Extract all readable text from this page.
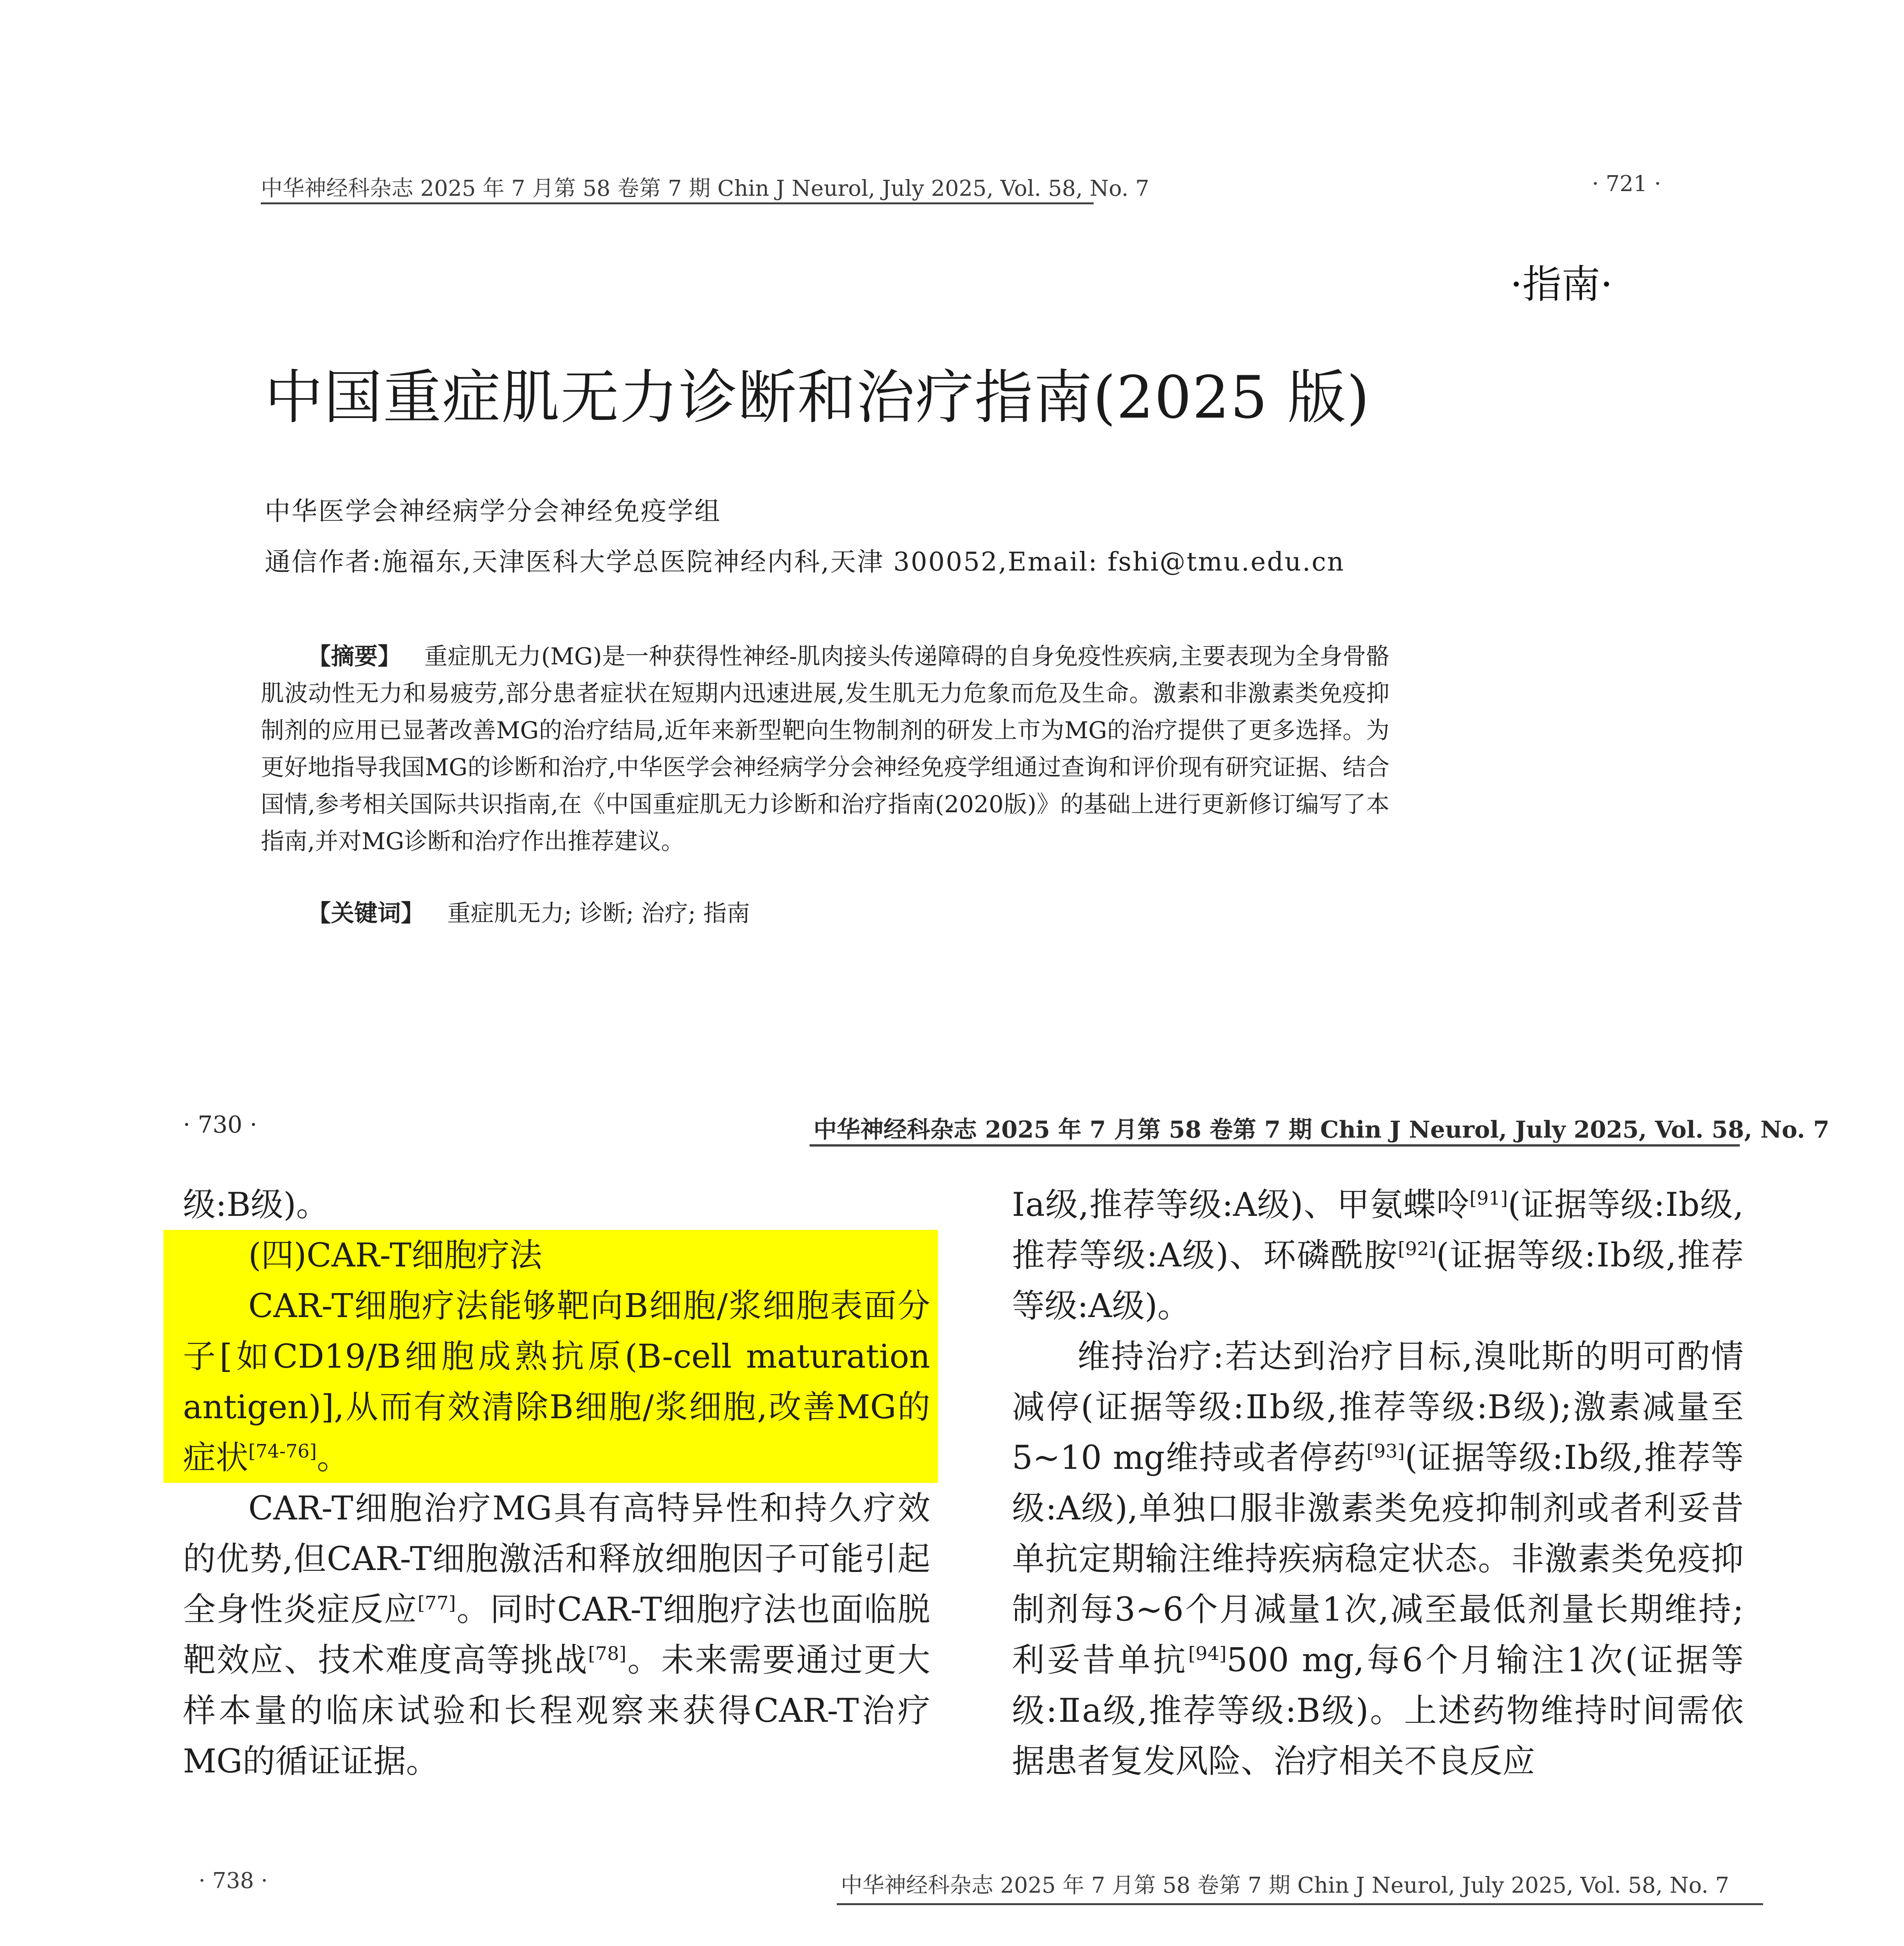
中华神经科杂志 2025 年 7 月第 58 卷第 7 期 Chin J Neurol, July 2025, Vol. 58, No. 7	· 721 ·
·指南·
中国重症肌无力诊断和治疗指南(2025 版)
中华医学会神经病学分会神经免疫学组
通信作者:施福东,天津医科大学总医院神经内科,天津 300052,Email: fshi@tmu.edu.cn
【摘要】 重症肌无力(MG)是一种获得性神经-肌肉接头传递障碍的自身免疫性疾病,主要表现为全身骨骼肌波动性无力和易疲劳,部分患者症状在短期内迅速进展,发生肌无力危象而危及生命。激素和非激素类免疫抑制剂的应用已显著改善MG的治疗结局,近年来新型靶向生物制剂的研发上市为MG的治疗提供了更多选择。为更好地指导我国MG的诊断和治疗,中华医学会神经病学分会神经免疫学组通过查询和评价现有研究证据、结合国情,参考相关国际共识指南,在《中国重症肌无力诊断和治疗指南(2020版)》的基础上进行更新修订编写了本指南,并对MG诊断和治疗作出推荐建议。
【关键词】 重症肌无力; 诊断; 治疗; 指南
· 730 ·	中华神经科杂志 2025 年 7 月第 58 卷第 7 期 Chin J Neurol, July 2025, Vol. 58, No. 7

级:B级)。

(四)CAR-T细胞疗法

CAR-T细胞疗法能够靶向B细胞/浆细胞表面分子[如CD19/B细胞成熟抗原(B-cell maturation antigen)],从而有效清除B细胞/浆细胞,改善MG的症状[74-76]。

CAR-T细胞治疗MG具有高特异性和持久疗效的优势,但CAR-T细胞激活和释放细胞因子可能引起全身性炎症反应[77]。同时CAR-T细胞疗法也面临脱靶效应、技术难度高等挑战[78]。未来需要通过更大样本量的临床试验和长程观察来获得CAR-T治疗MG的循证证据。

Ⅰa级,推荐等级:A级)、甲氨蝶呤[91](证据等级:Ⅰb级,推荐等级:A级)、环磷酰胺[92](证据等级:Ⅰb级,推荐等级:A级)。

维持治疗:若达到治疗目标,溴吡斯的明可酌情减停(证据等级:Ⅱb级,推荐等级:B级);激素减量至5~10 mg维持或者停药[93](证据等级:Ⅰb级,推荐等级:A级),单独口服非激素类免疫抑制剂或者利妥昔单抗定期输注维持疾病稳定状态。非激素类免疫抑制剂每3~6个月减量1次,减至最低剂量长期维持;利妥昔单抗[94]500 mg,每6个月输注1次(证据等级:Ⅱa级,推荐等级:B级)。上述药物维持时间需依据患者复发风险、治疗相关不良反应

· 738 ·	中华神经科杂志 2025 年 7 月第 58 卷第 7 期 Chin J Neurol, July 2025, Vol. 58, No. 7
